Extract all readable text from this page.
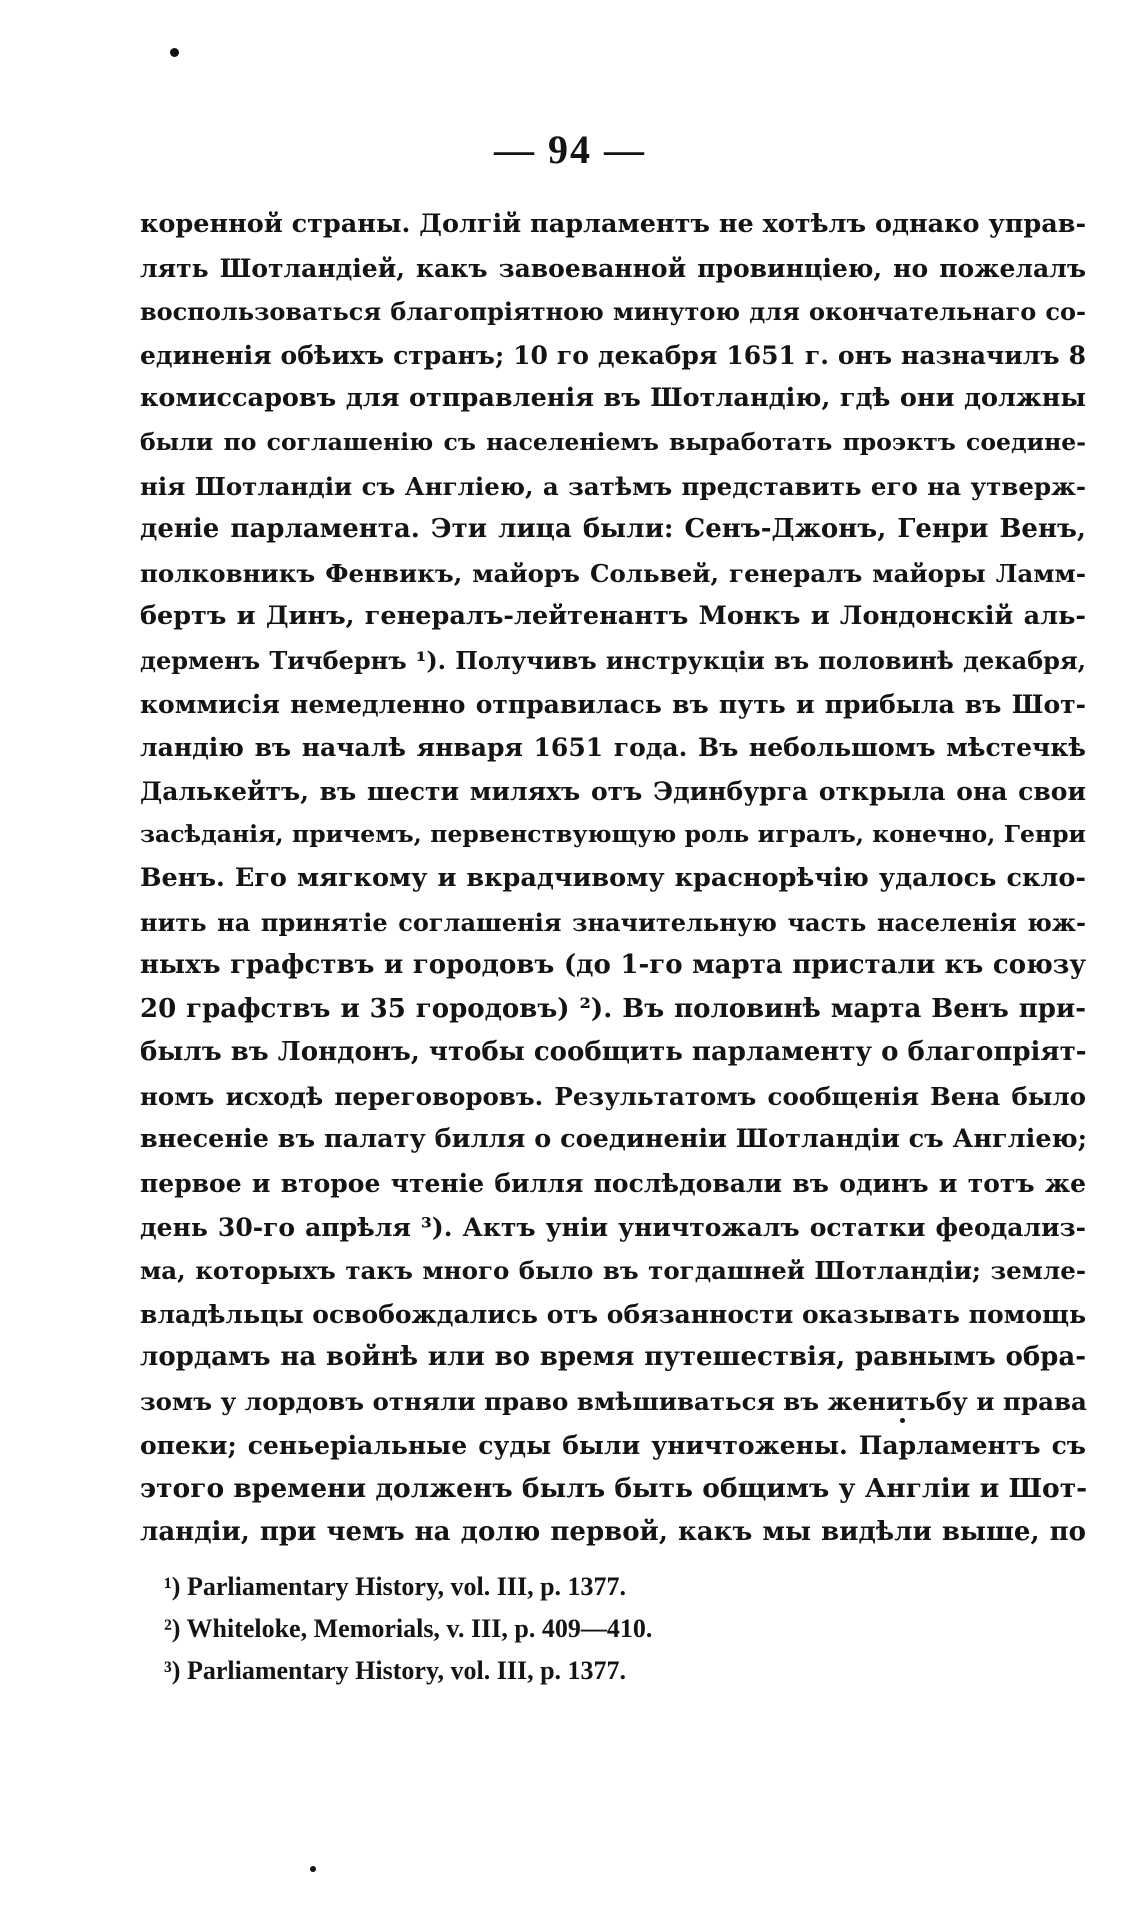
— 94 —
коренной страны. Долгій парламентъ не хотѣлъ однако управ-
лять Шотландіей, какъ завоеванной провинціею, но пожелалъ
воспользоваться благопріятною минутою для окончательнаго со-
единенія обѣихъ странъ; 10 го декабря 1651 г. онъ назначилъ 8
комиссаровъ для отправленія въ Шотландію, гдѣ они должны
были по соглашенію съ населеніемъ выработать проэктъ соедине-
нія Шотландіи съ Англіею, а затѣмъ представить его на утверж-
деніе парламента. Эти лица были: Сенъ-Джонъ, Генри Венъ,
полковникъ Фенвикъ, майоръ Сольвей, генералъ майоры Ламм-
бертъ и Динъ, генералъ-лейтенантъ Монкъ и Лондонскій аль-
дерменъ Тичбернъ ¹). Получивъ инструкціи въ половинѣ декабря,
коммисія немедленно отправилась въ путь и прибыла въ Шот-
ландію въ началѣ января 1651 года. Въ небольшомъ мѣстечкѣ
Далькейтъ, въ шести миляхъ отъ Эдинбурга открыла она свои
засѣданія, причемъ, первенствующую роль игралъ, конечно, Генри
Венъ. Его мягкому и вкрадчивому краснорѣчію удалось скло-
нить на принятіе соглашенія значительную часть населенія юж-
ныхъ графствъ и городовъ (до 1-го марта пристали къ союзу
20 графствъ и 35 городовъ) ²). Въ половинѣ марта Венъ при-
былъ въ Лондонъ, чтобы сообщить парламенту о благопріят-
номъ исходѣ переговоровъ. Результатомъ сообщенія Вена было
внесеніе въ палату билля о соединеніи Шотландіи съ Англіею;
первое и второе чтеніе билля послѣдовали въ одинъ и тотъ же
день 30-го апрѣля ³). Актъ уніи уничтожалъ остатки феодализ-
ма, которыхъ такъ много было въ тогдашней Шотландіи; земле-
владѣльцы освобождались отъ обязанности оказывать помощь
лордамъ на войнѣ или во время путешествія, равнымъ обра-
зомъ у лордовъ отняли право вмѣшиваться въ женитьбу и права
опеки; сеньеріальные суды были уничтожены. Парламентъ съ
этого времени долженъ былъ быть общимъ у Англіи и Шот-
ландіи, при чемъ на долю первой, какъ мы видѣли выше, по
¹) Parliamentary History, vol. III, p. 1377.
²) Whiteloke, Memorials, v. III, p. 409—410.
³) Parliamentary History, vol. III, p. 1377.
